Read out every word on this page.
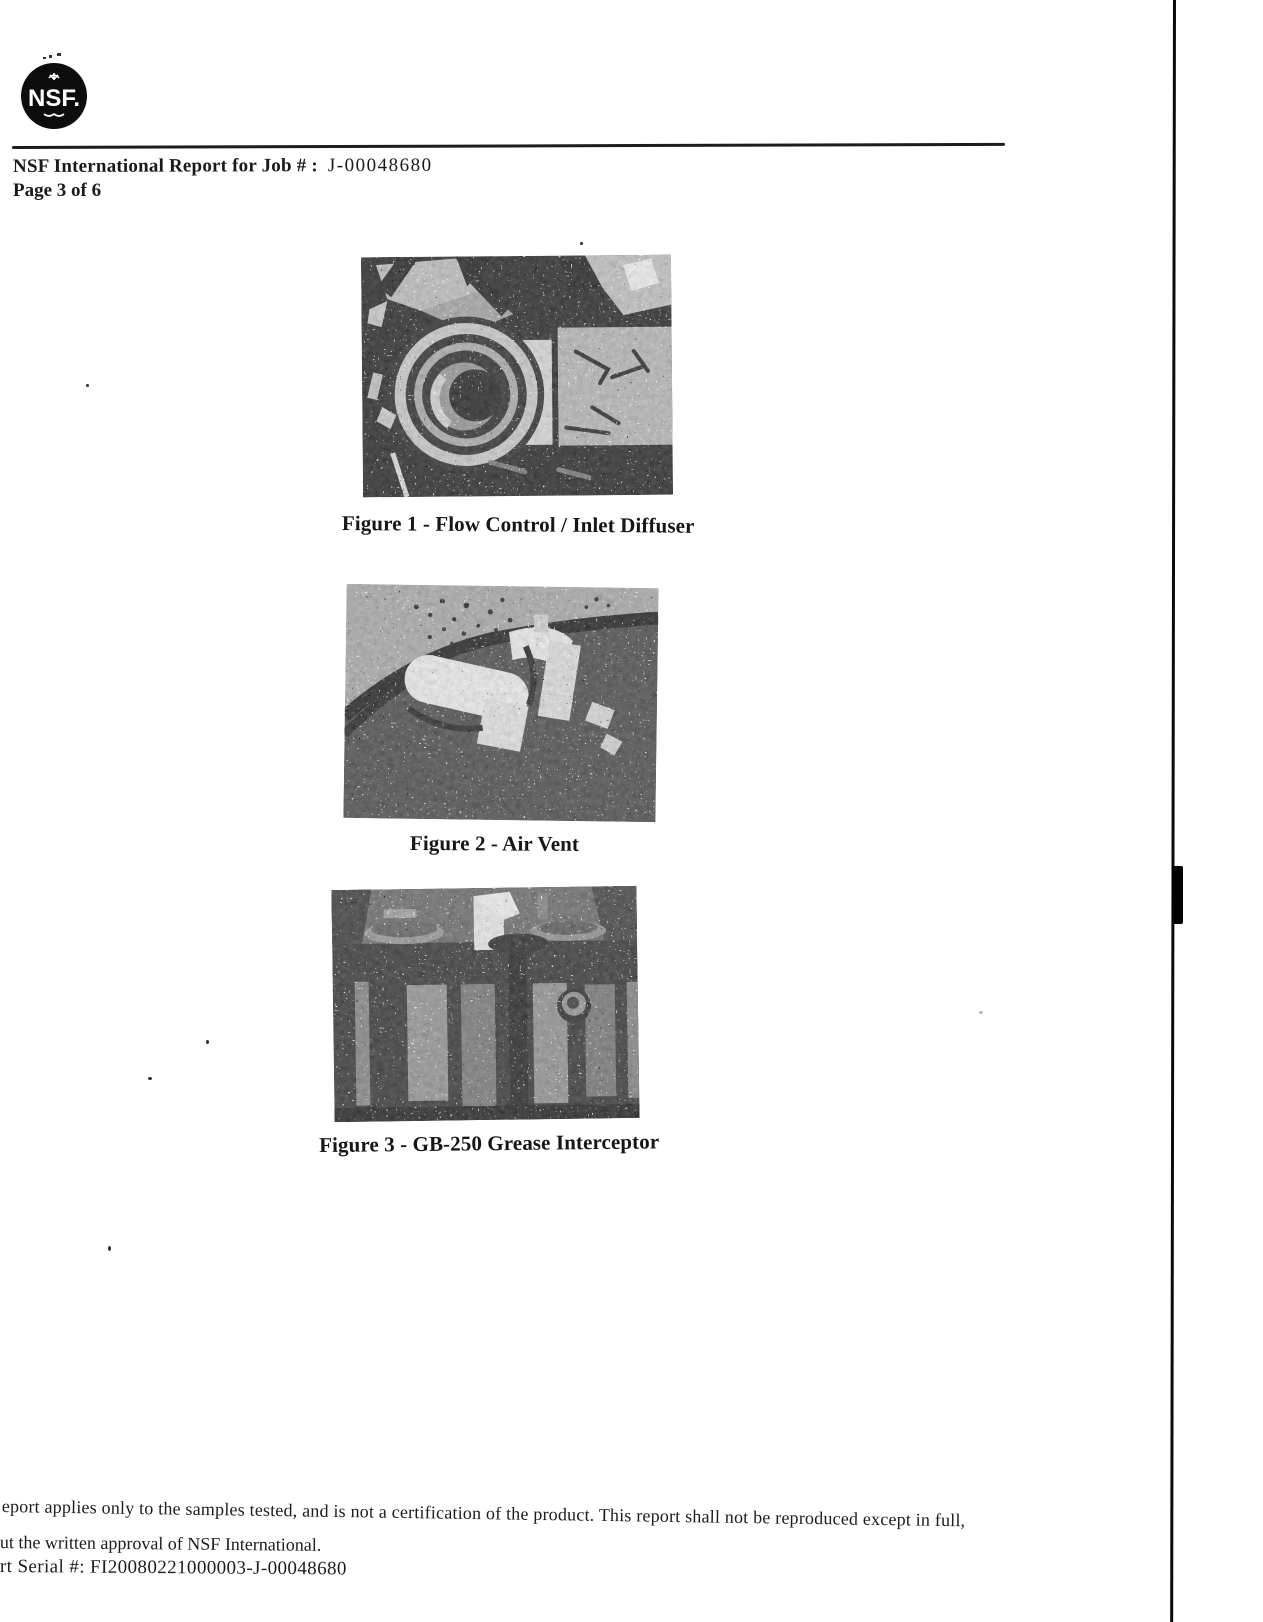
NSF.
NSF International Report for Job # : J-00048680
Page 3 of 6
Figure 1 - Flow Control / Inlet Diffuser
Figure 2 - Air Vent
Figure 3 - GB-250 Grease Interceptor
eport applies only to the samples tested, and is not a certification of the product. This report shall not be reproduced except in full,
ut the written approval of NSF International.
rt Serial #: FI20080221000003-J-00048680
